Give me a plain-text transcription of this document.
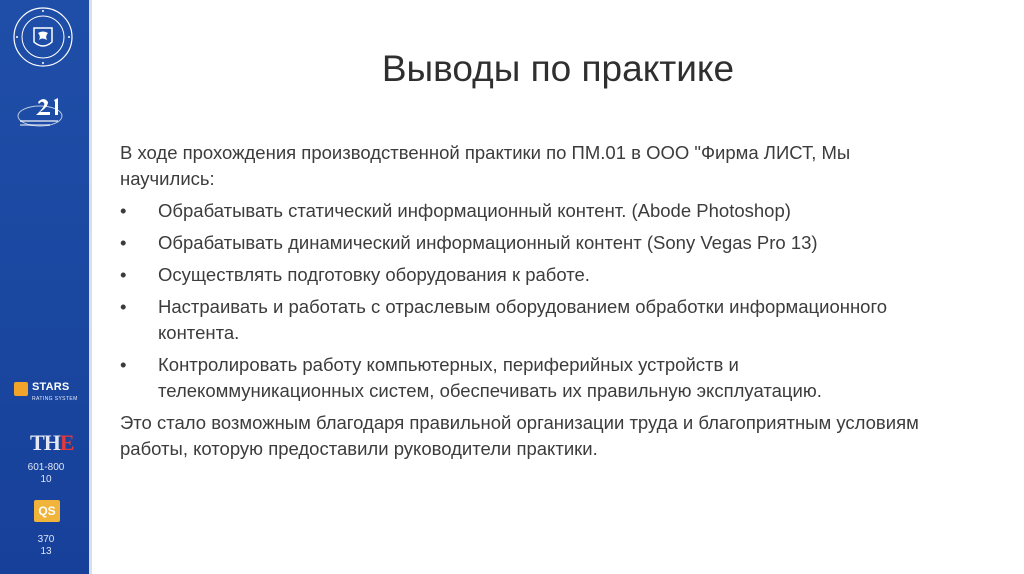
STARS
RATING SYSTEM
THE
601-800
10
QS
370
13
Выводы по практике

В ходе прохождения производственной практики по ПМ.01 в ООО "Фирма ЛИСТ, Мы научились:

•	Обрабатывать статический информационный контент. (Abode Photoshop)
•	Обрабатывать динамический информационный контент (Sony Vegas Pro 13)
•	Осуществлять подготовку оборудования к работе.
•	Настраивать и работать с отраслевым оборудованием обработки информационного контента.
•	Контролировать работу компьютерных, периферийных устройств и телекоммуникационных систем, обеспечивать их правильную эксплуатацию.

Это стало возможным благодаря правильной организации труда и благоприятным условиям работы, которую предоставили руководители практики.
